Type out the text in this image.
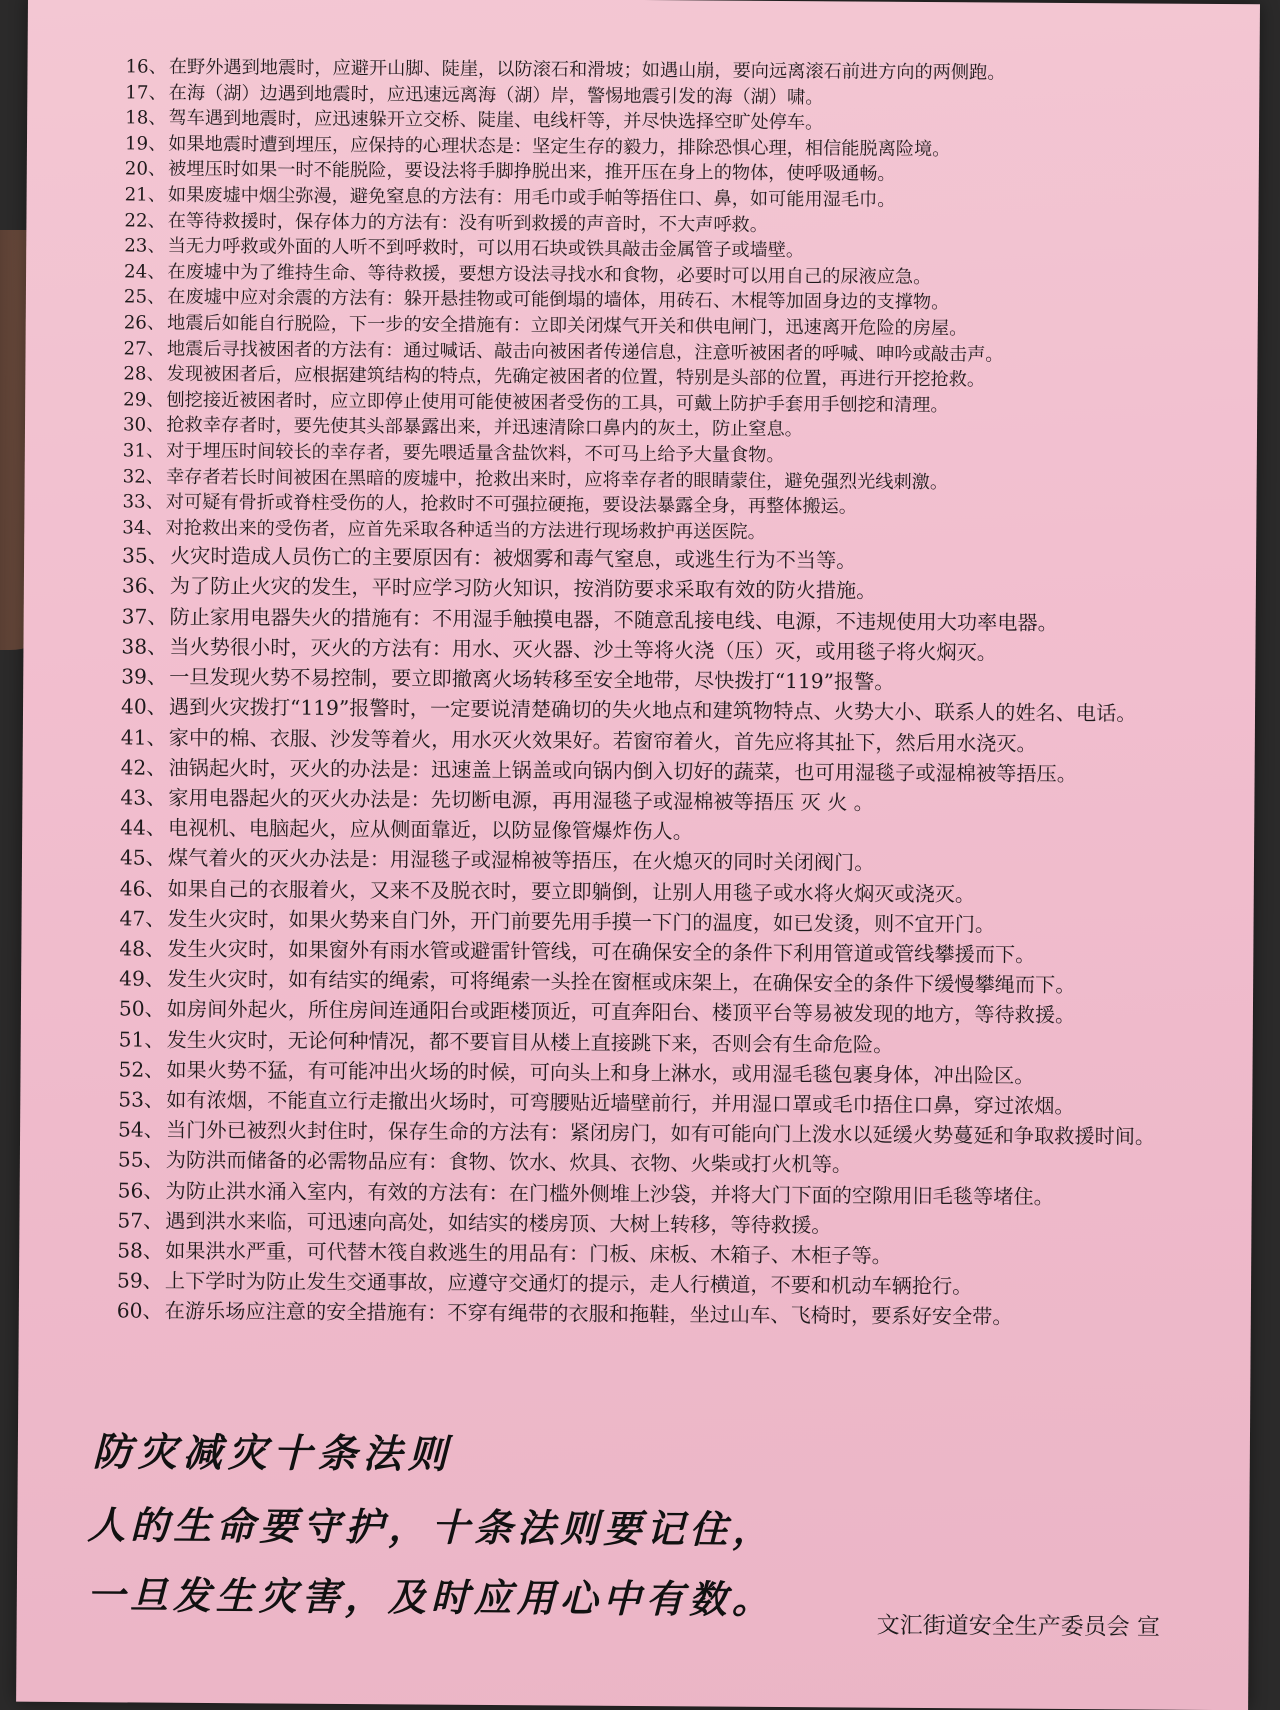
16、 在野外遇到地震时，应避开山脚、陡崖，以防滚石和滑坡；如遇山崩，要向远离滚石前进方向的两侧跑。
17、 在海（湖）边遇到地震时，应迅速远离海（湖）岸，警惕地震引发的海（湖）啸。
18、 驾车遇到地震时，应迅速躲开立交桥、陡崖、电线杆等，并尽快选择空旷处停车。
19、 如果地震时遭到埋压，应保持的心理状态是：坚定生存的毅力，排除恐惧心理，相信能脱离险境。
20、 被埋压时如果一时不能脱险，要设法将手脚挣脱出来，推开压在身上的物体，使呼吸通畅。
21、 如果废墟中烟尘弥漫，避免窒息的方法有：用毛巾或手帕等捂住口、鼻，如可能用湿毛巾。
22、 在等待救援时，保存体力的方法有：没有听到救援的声音时，不大声呼救。
23、 当无力呼救或外面的人听不到呼救时，可以用石块或铁具敲击金属管子或墙壁。
24、 在废墟中为了维持生命、等待救援，要想方设法寻找水和食物，必要时可以用自己的尿液应急。
25、 在废墟中应对余震的方法有：躲开悬挂物或可能倒塌的墙体，用砖石、木棍等加固身边的支撑物。
26、 地震后如能自行脱险，下一步的安全措施有：立即关闭煤气开关和供电闸门，迅速离开危险的房屋。
27、 地震后寻找被困者的方法有：通过喊话、敲击向被困者传递信息，注意听被困者的呼喊、呻吟或敲击声。
28、 发现被困者后，应根据建筑结构的特点，先确定被困者的位置，特别是头部的位置，再进行开挖抢救。
29、 刨挖接近被困者时，应立即停止使用可能使被困者受伤的工具，可戴上防护手套用手刨挖和清理。
30、 抢救幸存者时，要先使其头部暴露出来，并迅速清除口鼻内的灰土，防止窒息。
31、 对于埋压时间较长的幸存者，要先喂适量含盐饮料，不可马上给予大量食物。
32、 幸存者若长时间被困在黑暗的废墟中，抢救出来时，应将幸存者的眼睛蒙住，避免强烈光线刺激。
33、 对可疑有骨折或脊柱受伤的人，抢救时不可强拉硬拖，要设法暴露全身，再整体搬运。
34、 对抢救出来的受伤者，应首先采取各种适当的方法进行现场救护再送医院。
35、 火灾时造成人员伤亡的主要原因有：被烟雾和毒气窒息，或逃生行为不当等。
36、 为了防止火灾的发生，平时应学习防火知识，按消防要求采取有效的防火措施。
37、 防止家用电器失火的措施有：不用湿手触摸电器，不随意乱接电线、电源，不违规使用大功率电器。
38、 当火势很小时，灭火的方法有：用水、灭火器、沙土等将火浇（压）灭，或用毯子将火焖灭。
39、 一旦发现火势不易控制，要立即撤离火场转移至安全地带，尽快拨打“119”报警。
40、 遇到火灾拨打“119”报警时，一定要说清楚确切的失火地点和建筑物特点、火势大小、联系人的姓名、电话。
41、 家中的棉、衣服、沙发等着火，用水灭火效果好。若窗帘着火，首先应将其扯下，然后用水浇灭。
42、 油锅起火时，灭火的办法是：迅速盖上锅盖或向锅内倒入切好的蔬菜，也可用湿毯子或湿棉被等捂压。
43、 家用电器起火的灭火办法是：先切断电源，再用湿毯子或湿棉被等捂压 灭 火 。
44、 电视机、电脑起火，应从侧面靠近，以防显像管爆炸伤人。
45、 煤气着火的灭火办法是：用湿毯子或湿棉被等捂压，在火熄灭的同时关闭阀门。
46、 如果自己的衣服着火，又来不及脱衣时，要立即躺倒，让别人用毯子或水将火焖灭或浇灭。
47、 发生火灾时，如果火势来自门外，开门前要先用手摸一下门的温度，如已发烫，则不宜开门。
48、 发生火灾时，如果窗外有雨水管或避雷针管线，可在确保安全的条件下利用管道或管线攀援而下。
49、 发生火灾时，如有结实的绳索，可将绳索一头拴在窗框或床架上，在确保安全的条件下缓慢攀绳而下。
50、 如房间外起火，所住房间连通阳台或距楼顶近，可直奔阳台、楼顶平台等易被发现的地方，等待救援。
51、 发生火灾时，无论何种情况，都不要盲目从楼上直接跳下来，否则会有生命危险。
52、 如果火势不猛，有可能冲出火场的时候，可向头上和身上淋水，或用湿毛毯包裹身体，冲出险区。
53、 如有浓烟，不能直立行走撤出火场时，可弯腰贴近墙壁前行，并用湿口罩或毛巾捂住口鼻，穿过浓烟。
54、 当门外已被烈火封住时，保存生命的方法有：紧闭房门，如有可能向门上泼水以延缓火势蔓延和争取救援时间。
55、 为防洪而储备的必需物品应有：食物、饮水、炊具、衣物、火柴或打火机等。
56、 为防止洪水涌入室内，有效的方法有：在门槛外侧堆上沙袋，并将大门下面的空隙用旧毛毯等堵住。
57、 遇到洪水来临，可迅速向高处，如结实的楼房顶、大树上转移，等待救援。
58、 如果洪水严重，可代替木筏自救逃生的用品有：门板、床板、木箱子、木柜子等。
59、 上下学时为防止发生交通事故，应遵守交通灯的提示，走人行横道，不要和机动车辆抢行。
60、 在游乐场应注意的安全措施有：不穿有绳带的衣服和拖鞋，坐过山车、飞椅时，要系好安全带。
防灾减灾十条法则
人的生命要守护，十条法则要记住，
一旦发生灾害，及时应用心中有数。
文汇街道安全生产委员会 宣
